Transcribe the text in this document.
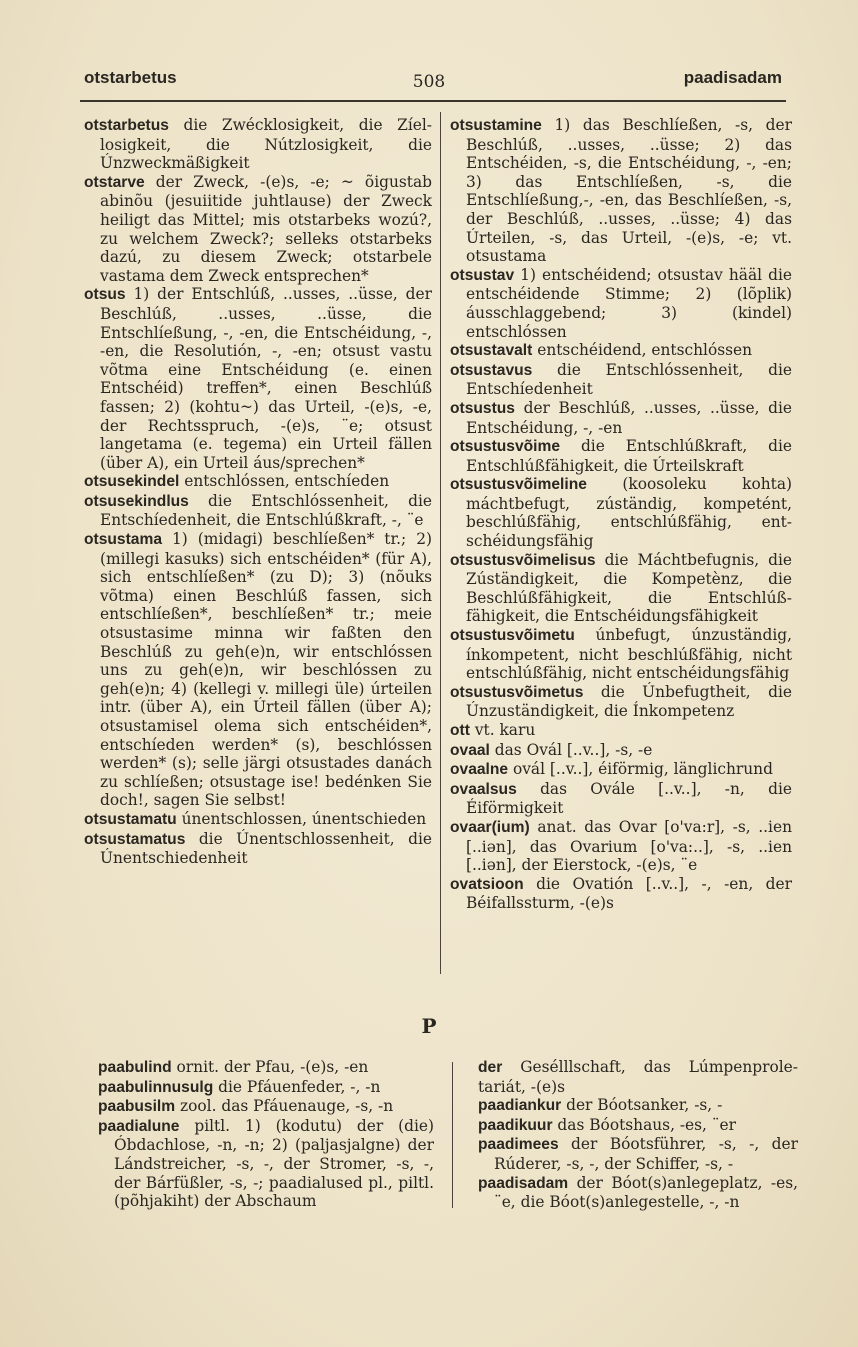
otstarbetus	508	paadisadam

otstarbetus die Zwécklosigkeit, die Zíellosigkeit, die Nútzlosigkeit, die Únzweckmäßigkeit

otstarve der Zweck, -(e)s, -e; ~ õigustab abinõu (jesuiitide juhtlause) der Zweck heiligt das Mittel; mis otstarbeks wozú?, zu welchem Zweck?; selleks otstarbeks dazú, zu diesem Zweck; otstarbele vastama dem Zweck entsprechen*

otsus 1) der Entschlúß, ..usses, ..üsse, der Beschlúß, ..usses, ..üsse, die Entschlíeßung, -, -en, die Entschéidung, -, -en, die Resolutión, -, -en; otsust vastu võtma eine Entschéidung (e. einen Entschéid) treffen*, einen Beschlúß fassen; 2) (kohtu~) das Urteil, -(e)s, -e, der Rechtsspruch, -(e)s, ¨e; otsust langetama (e. tegema) ein Urteil fällen (über A), ein Urteil áus/sprechen*

otsusekindel entschlóssen, entschíeden

otsusekindlus die Entschlóssenheit, die Entschíedenheit, die Entschlúßkraft, -, ¨e

otsustama 1) (midagi) beschlíeßen* tr.; 2) (millegi kasuks) sich entschéiden* (für A), sich entschlíeßen* (zu D); 3) (nõuks võtma) einen Beschlúß fassen, sich entschlíeßen*, beschlíeßen* tr.; meie otsustasime minna wir faßten den Beschlúß zu geh(e)n, wir entschlóssen uns zu geh(e)n, wir beschlóssen zu geh(e)n; 4) (kellegi v. millegi üle) úrteilen intr. (über A), ein Úrteil fällen (über A); otsustamisel olema sich entschéiden*, entschíeden werden* (s), beschlóssen werden* (s); selle järgi otsustades danách zu schlíeßen; otsustage ise! bedénken Sie doch!, sagen Sie selbst!

otsustamatu únentschlossen, únentschieden

otsustamatus die Únentschlossenheit, die Únentschiedenheit

otsustamine 1) das Beschlíeßen, -s, der Beschlúß, ..usses, ..üsse; 2) das Entschéiden, -s, die Entschéidung, -, -en; 3) das Entschlíeßen, -s, die Entschlíeßung,-, -en, das Beschlíeßen, -s, der Beschlúß, ..usses, ..üsse; 4) das Úrteilen, -s, das Urteil, -(e)s, -e; vt. otsustama

otsustav 1) entschéidend; otsustav hääl die entschéidende Stimme; 2) (lõplik) áusschlaggebend; 3) (kindel) entschlóssen

otsustavalt entschéidend, entschlóssen

otsustavus die Entschlóssenheit, die Entschíedenheit

otsustus der Beschlúß, ..usses, ..üsse, die Entschéidung, -, -en

otsustusvõime die Entschlúßkraft, die Entschlúßfähigkeit, die Úrteilskraft

otsustusvõimeline (koosoleku kohta) máchtbefugt, zúständig, kompetént, beschlúßfähig, entschlúßfähig, entschéidungsfähig

otsustusvõimelisus die Máchtbefugnis, die Zúständigkeit, die Kompetènz, die Beschlúßfähigkeit, die Entschlúßfähigkeit, die Entschéidungsfähigkeit

otsustusvõimetu únbefugt, únzuständig, ínkompetent, nicht beschlúßfähig, nicht entschlúßfähig, nicht entschéidungsfähig

otsustusvõimetus die Únbefugtheit, die Únzuständigkeit, die Ínkompetenz

ott vt. karu

ovaal das Ovál [..v..], -s, -e

ovaalne ovál [..v..], éiförmig, länglichrund

ovaalsus das Ovále [..v..], -n, die Éiförmigkeit

ovaar(ium) anat. das Ovar [o'va:r], -s, ..ien [..iən], das Ovarium [o'va:..], -s, ..ien [..iən], der Eierstock, -(e)s, ¨e

ovatsioon die Ovatión [..v..], -, -en, der Béifallssturm, -(e)s

P

paabulind ornit. der Pfau, -(e)s, -en

paabulinnusulg die Pfáuenfeder, -, -n

paabusilm zool. das Pfáuenauge, -s, -n

paadialune piltl. 1) (kodutu) der (die) Óbdachlose, -n, -n; 2) (paljasjalgne) der Lándstreicher, -s, -, der Stromer, -s, -, der Bárfüßler, -s, -; paadialused pl., piltl. (põhjakiht) der Abschaum

der Gesélllschaft, das Lúmpenproletariát, -(e)s

paadiankur der Bóotsanker, -s, -

paadikuur das Bóotshaus, -es, ¨er

paadimees der Bóotsführer, -s, -, der Rúderer, -s, -, der Schiffer, -s, -

paadisadam der Bóot(s)anlegeplatz, -es, ¨e, die Bóot(s)anlegestelle, -, -n
